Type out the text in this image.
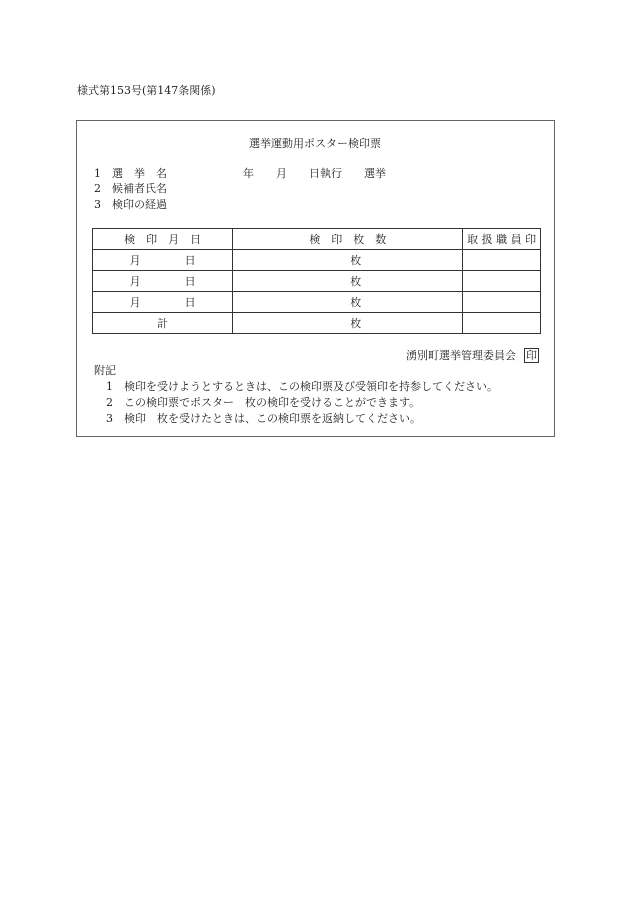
様式第153号(第147条関係)
選挙運動用ポスター検印票
1　 選　挙　名	年　　月　　日執行　　選挙
2　 候補者氏名
3　 検印の経過
検　印　月　日	検　印　枚　数	取 扱 職 員 印
月　　　　日	枚	
月　　　　日	枚	
月　　　　日	枚	
計	枚	
湧別町選挙管理委員会 印
附記
1　 検印を受けようとするときは、この検印票及び受領印を持参してください。
2　 この検印票でポスター　枚の検印を受けることができます。
3　 検印　枚を受けたときは、この検印票を返納してください。
